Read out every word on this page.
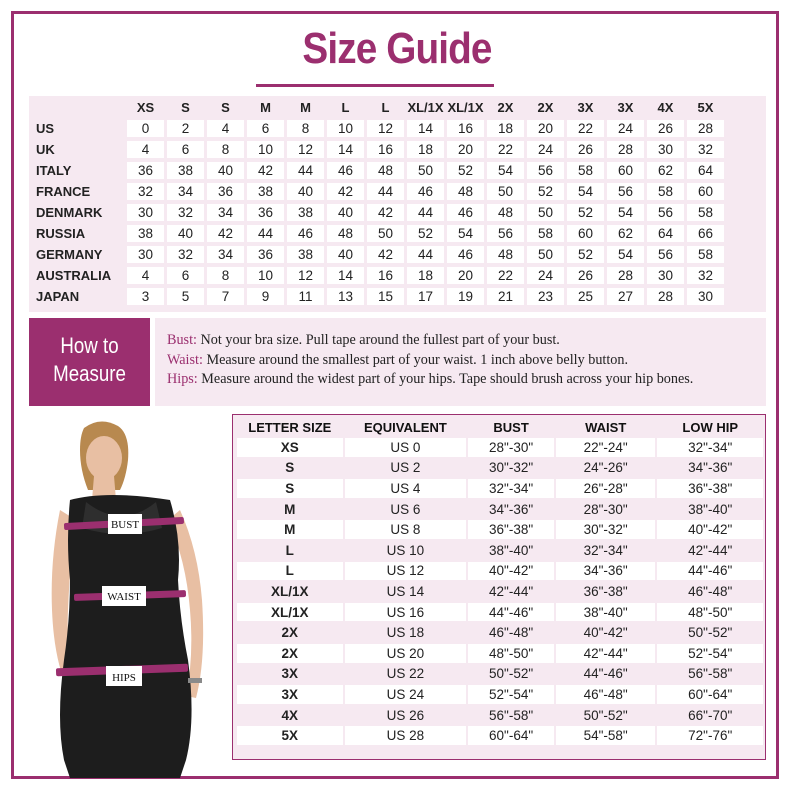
Size Guide
	XS	S	S	M	M	L	L	XL/1X	XL/1X	2X	2X	3X	3X	4X	5X
US	0	2	4	6	8	10	12	14	16	18	20	22	24	26	28
UK	4	6	8	10	12	14	16	18	20	22	24	26	28	30	32
ITALY	36	38	40	42	44	46	48	50	52	54	56	58	60	62	64
FRANCE	32	34	36	38	40	42	44	46	48	50	52	54	56	58	60
DENMARK	30	32	34	36	38	40	42	44	46	48	50	52	54	56	58
RUSSIA	38	40	42	44	46	48	50	52	54	56	58	60	62	64	66
GERMANY	30	32	34	36	38	40	42	44	46	48	50	52	54	56	58
AUSTRALIA	4	6	8	10	12	14	16	18	20	22	24	26	28	30	32
JAPAN	3	5	7	9	11	13	15	17	19	21	23	25	27	28	30
How to
Measure
Bust: Not your bra size. Pull tape around the fullest part of your bust.
Waist: Measure around the smallest part of your waist. 1 inch above belly button.
Hips: Measure around the widest part of your hips. Tape should brush across your hip bones.
BUST
WAIST
HIPS
LETTER SIZE	EQUIVALENT	BUST	WAIST	LOW HIP
XS	US 0	28"-30"	22"-24"	32"-34"
S	US 2	30"-32"	24"-26"	34"-36"
S	US 4	32"-34"	26"-28"	36"-38"
M	US 6	34"-36"	28"-30"	38"-40"
M	US 8	36"-38"	30"-32"	40"-42"
L	US 10	38"-40"	32"-34"	42"-44"
L	US 12	40"-42"	34"-36"	44"-46"
XL/1X	US 14	42"-44"	36"-38"	46"-48"
XL/1X	US 16	44"-46"	38"-40"	48"-50"
2X	US 18	46"-48"	40"-42"	50"-52"
2X	US 20	48"-50"	42"-44"	52"-54"
3X	US 22	50"-52"	44"-46"	56"-58"
3X	US 24	52"-54"	46"-48"	60"-64"
4X	US 26	56"-58"	50"-52"	66"-70"
5X	US 28	60"-64"	54"-58"	72"-76"
